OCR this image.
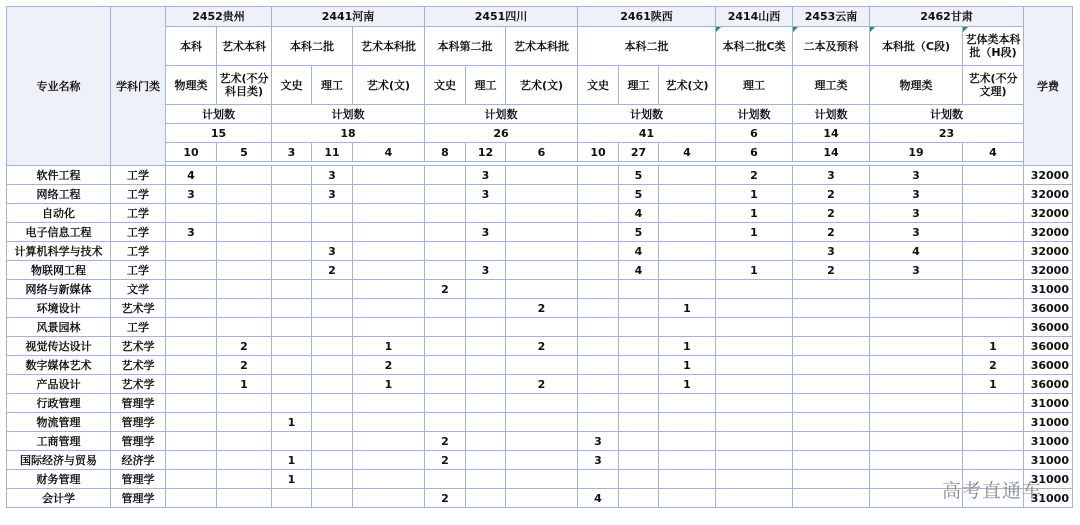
专业名称	学科门类	2452贵州		2441河南			2451四川			2461陕西			2414山西	2453云南	2462甘肃		学费
		本科	艺术本科	本科二批		艺术本科批	本科第二批		艺术本科批	本科二批			本科二批C类	二本及预科	本科批（C段)	艺体类本科批（H段)	
		物理类	艺术(不分科目类)	文史	理工	艺术(文)	文史	理工	艺术(文)	文史	理工	艺术(文)	理工	理工类	物理类	艺术(不分文理)	
		计划数		计划数			计划数			计划数			计划数	计划数	计划数		
		15		18			26			41			6	14	23		
		10	5	3	11	4	8	12	6	10	27	4	6	14	19	4	

软件工程	工学	4			3			3			5		2	3	3		32000
网络工程	工学	3			3			3			5		1	2	3		32000
自动化	工学										4		1	2	3		32000
电子信息工程	工学	3						3			5		1	2	3		32000
计算机科学与技术	工学				3						4			3	4		32000
物联网工程	工学				2			3			4		1	2	3		32000
网络与新媒体	文学						2										31000
环境设计	艺术学								2			1					36000
风景园林	工学																36000
视觉传达设计	艺术学		2			1			2			1				1	36000
数字媒体艺术	艺术学		2			2						1				2	36000
产品设计	艺术学		1			1			2			1				1	36000
行政管理	管理学																31000
物流管理	管理学			1													31000
工商管理	管理学						2			3							31000
国际经济与贸易	经济学			1			2			3							31000
财务管理	管理学			1													31000
会计学	管理学						2			4							31000
高考直通车
